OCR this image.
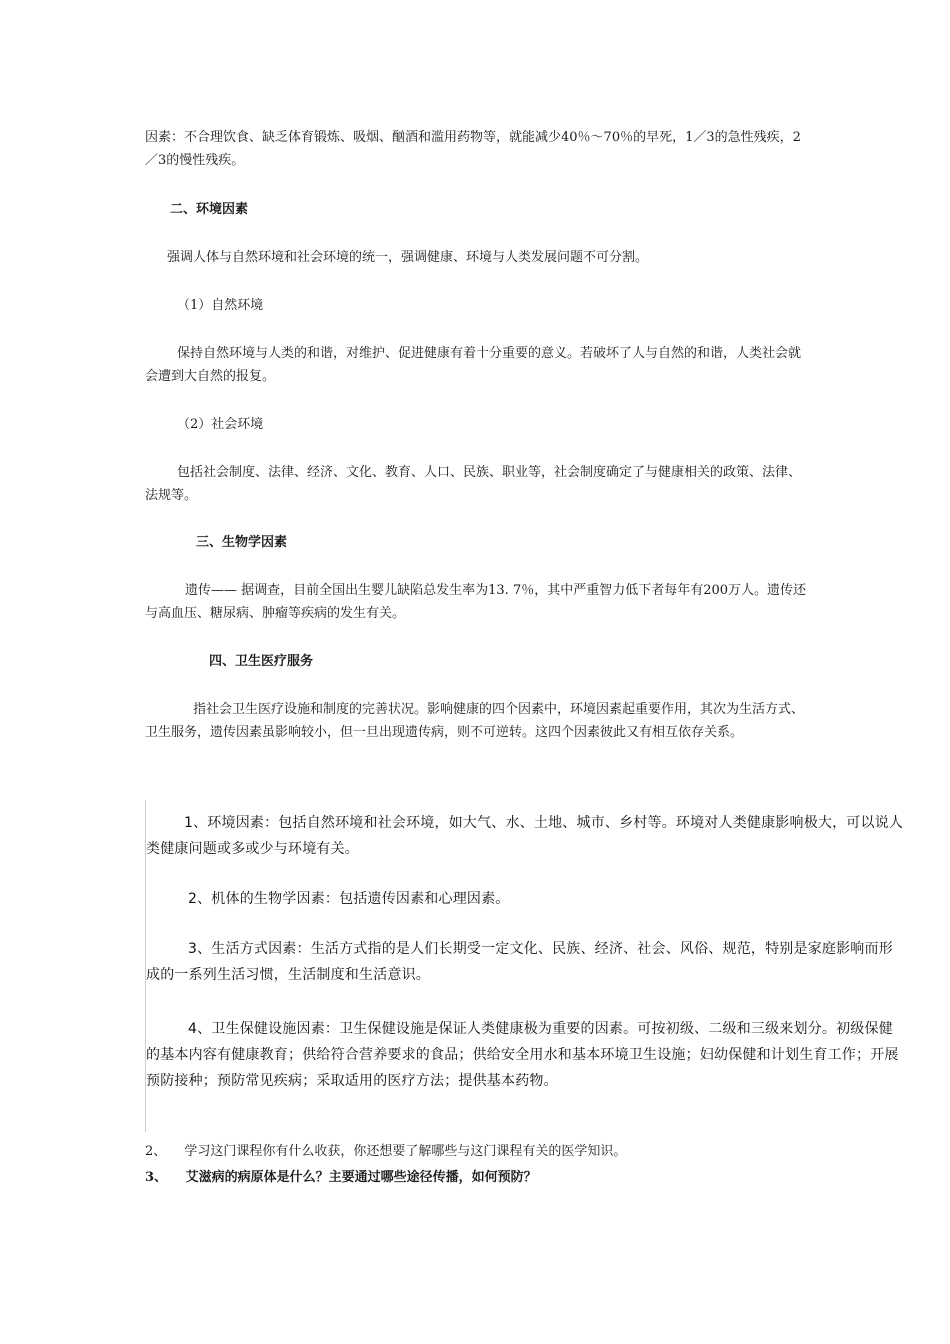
因素：不合理饮食、缺乏体育锻炼、吸烟、酗酒和滥用药物等，就能减少40％～70％的早死，1／3的急性残疾，2／3的慢性残疾。

二、环境因素

强调人体与自然环境和社会环境的统一，强调健康、环境与人类发展问题不可分割。

（1）自然环境

保持自然环境与人类的和谐，对维护、促进健康有着十分重要的意义。若破坏了人与自然的和谐，人类社会就会遭到大自然的报复。

（2）社会环境

包括社会制度、法律、经济、文化、教育、人口、民族、职业等，社会制度确定了与健康相关的政策、法律、法规等。

三、生物学因素

遗传—— 据调查，目前全国出生婴儿缺陷总发生率为13. 7％，其中严重智力低下者每年有200万人。遗传还与高血压、糖尿病、肿瘤等疾病的发生有关。

四、卫生医疗服务

指社会卫生医疗设施和制度的完善状况。影响健康的四个因素中，环境因素起重要作用，其次为生活方式、卫生服务，遗传因素虽影响较小，但一旦出现遗传病，则不可逆转。这四个因素彼此又有相互依存关系。

1、环境因素：包括自然环境和社会环境，如大气、水、土地、城市、乡村等。环境对人类健康影响极大，可以说人类健康问题或多或少与环境有关。

2、机体的生物学因素：包括遗传因素和心理因素。

3、生活方式因素：生活方式指的是人们长期受一定文化、民族、经济、社会、风俗、规范，特别是家庭影响而形成的一系列生活习惯，生活制度和生活意识。

4、卫生保健设施因素：卫生保健设施是保证人类健康极为重要的因素。可按初级、二级和三级来划分。初级保健的基本内容有健康教育；供给符合营养要求的食品；供给安全用水和基本环境卫生设施；妇幼保健和计划生育工作；开展预防接种；预防常见疾病；采取适用的医疗方法；提供基本药物。

2、 学习这门课程你有什么收获，你还想要了解哪些与这门课程有关的医学知识。

3、 艾滋病的病原体是什么？主要通过哪些途径传播，如何预防？
